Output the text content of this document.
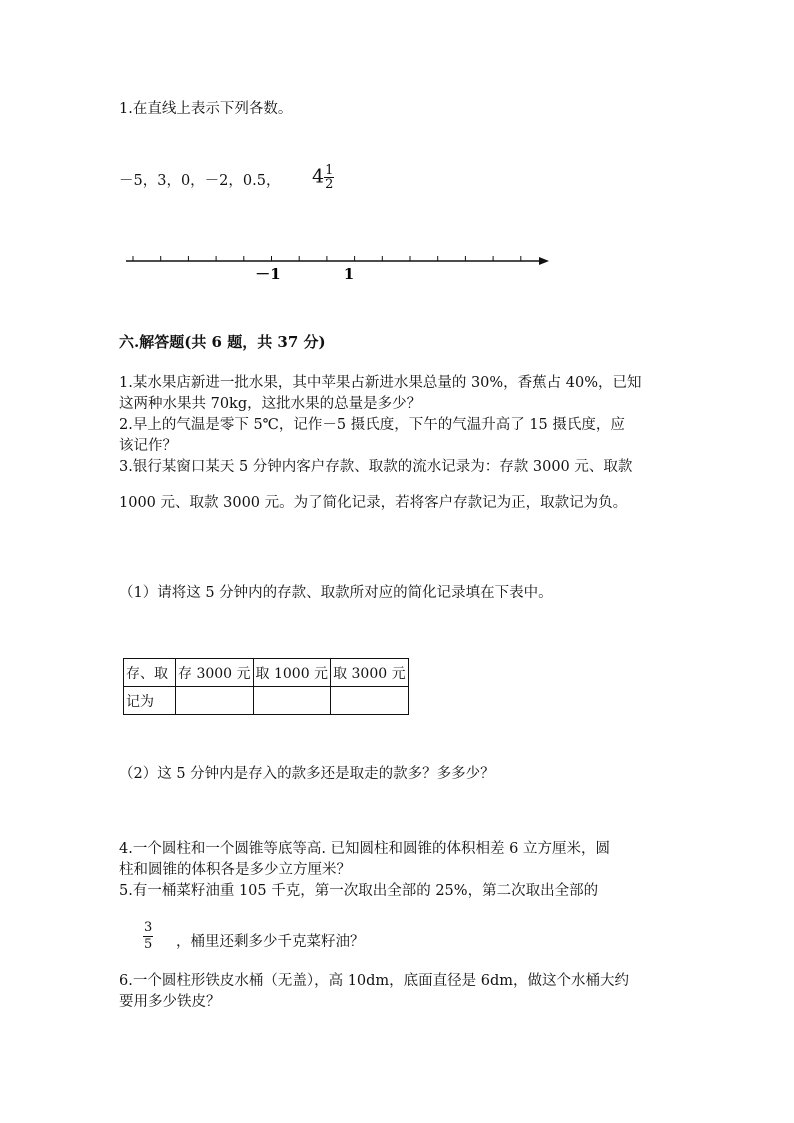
1.在直线上表示下列各数。
－5，3，0，－2，0.5， $4 \frac{1}{2}$
－1	1
六.解答题(共 6 题，共 37 分)
1.某水果店新进一批水果，其中苹果占新进水果总量的 30%，香蕉占 40%，已知
这两种水果共 70kg，这批水果的总量是多少？
2.早上的气温是零下 5℃，记作－5 摄氏度，下午的气温升高了 15 摄氏度，应
该记作？
3.银行某窗口某天 5 分钟内客户存款、取款的流水记录为：存款 3000 元、取款
1000 元、取款 3000 元。为了简化记录，若将客户存款记为正，取款记为负。
（1）请将这 5 分钟内的存款、取款所对应的简化记录填在下表中。
存、取	存 3000 元	取 1000 元	取 3000 元
记为			
（2）这 5 分钟内是存入的款多还是取走的款多？多多少？
4.一个圆柱和一个圆锥等底等高. 已知圆柱和圆锥的体积相差 6 立方厘米，圆
柱和圆锥的体积各是多少立方厘米？
5.有一桶菜籽油重 105 千克，第一次取出全部的 25%，第二次取出全部的
$\frac{3}{5}$ ，桶里还剩多少千克菜籽油？
6.一个圆柱形铁皮水桶（无盖），高 10dm，底面直径是 6dm，做这个水桶大约
要用多少铁皮？
